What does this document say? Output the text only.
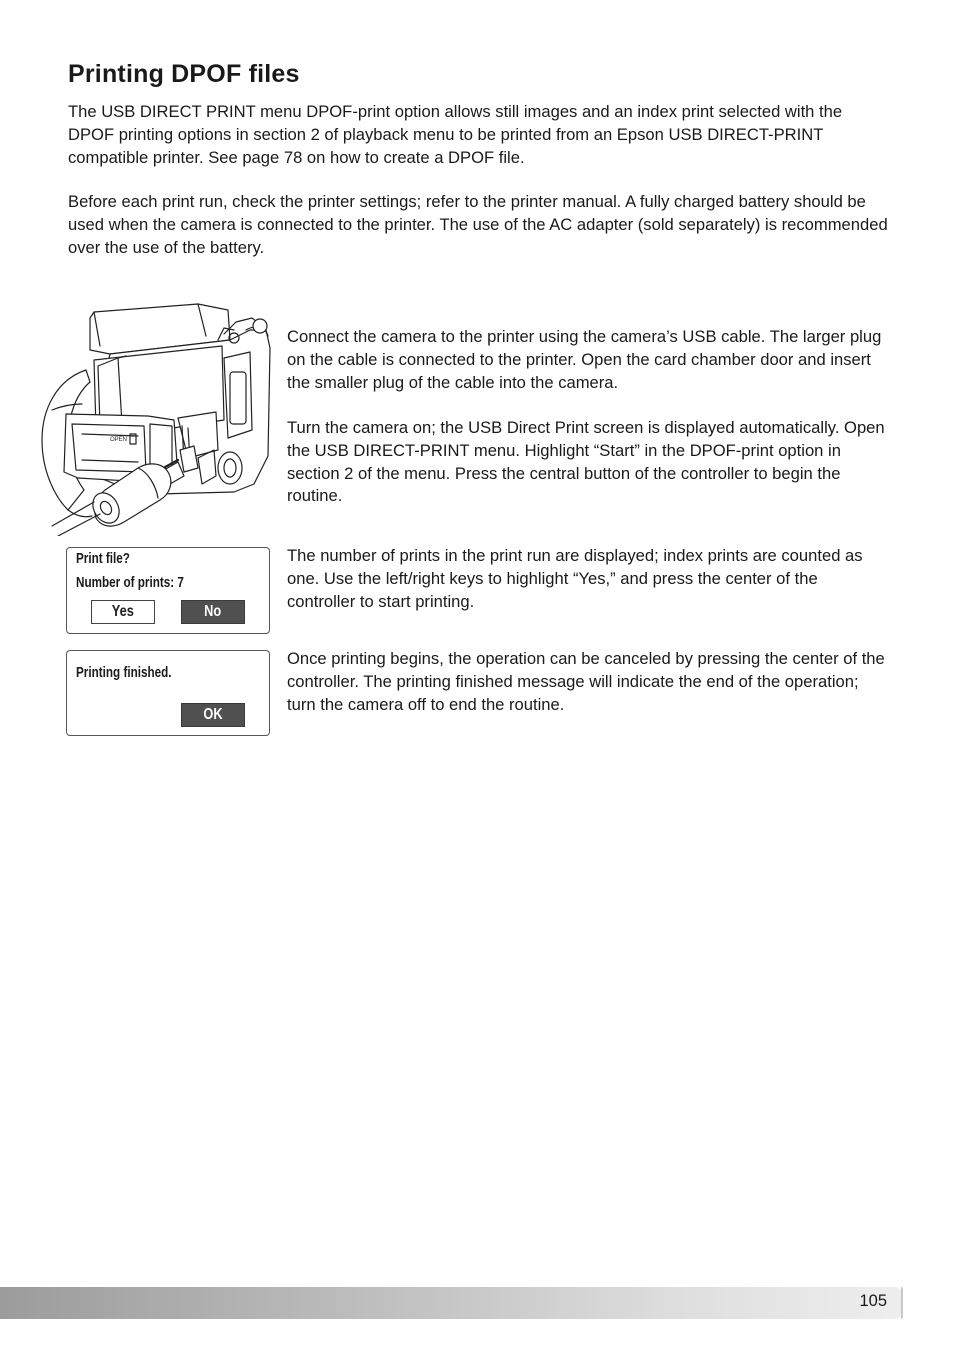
Printing DPOF files

The USB DIRECT PRINT menu DPOF-print option allows still images and an index print selected with the DPOF printing options in section 2 of playback menu to be printed from an Epson USB DIRECT-PRINT compatible printer. See page 78 on how to create a DPOF file.

Before each print run, check the printer settings; refer to the printer manual. A fully charged battery should be used when the camera is connected to the printer. The use of the AC adapter (sold separately) is recommended over the use of the battery.

OPEN

Connect the camera to the printer using the camera’s USB cable. The larger plug on the cable is connected to the printer. Open the card chamber door and insert the smaller plug of the cable into the camera.

Turn the camera on; the USB Direct Print screen is displayed automatically. Open the USB DIRECT-PRINT menu. Highlight “Start” in the DPOF-print option in section 2 of the menu. Press the central button of the controller to begin the routine.

The number of prints in the print run are displayed; index prints are counted as one. Use the left/right keys to highlight “Yes,” and press the center of the controller to start printing.

Once printing begins, the operation can be canceled by pressing the center of the controller. The printing finished message will indicate the end of the operation; turn the camera off to end the routine.

Print file?
Number of prints: 7
Yes	No
Printing finished.
OK
105
